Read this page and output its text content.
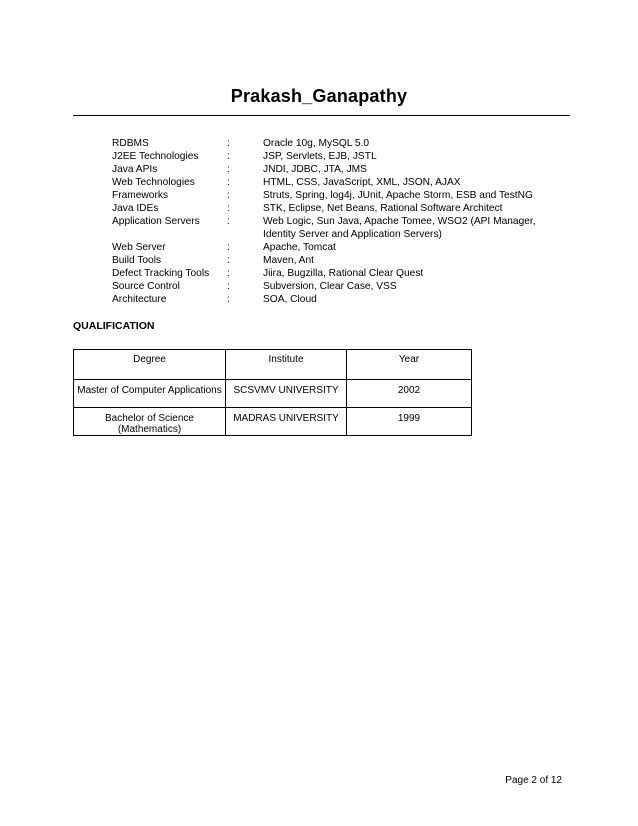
Prakash_Ganapathy
RDBMS	:	Oracle 10g, MySQL 5.0
J2EE Technologies	:	JSP, Servlets, EJB, JSTL
Java APIs	:	JNDI, JDBC, JTA, JMS
Web Technologies	:	HTML, CSS, JavaScript, XML, JSON, AJAX
Frameworks	:	Struts, Spring, log4j, JUnit, Apache Storm, ESB and TestNG
Java IDEs	:	STK, Eclipse, Net Beans, Rational Software Architect
Application Servers	:	Web Logic, Sun Java, Apache Tomee, WSO2 (API Manager, Identity Server and Application Servers)
Web Server	:	Apache, Tomcat
Build Tools	:	Maven, Ant
Defect Tracking Tools	:	Jiira, Bugzilla, Rational Clear Quest
Source Control	:	Subversion, Clear Case, VSS
Architecture	:	SOA, Cloud
QUALIFICATION
Degree	Institute	Year
Master of Computer Applications	SCSVMV UNIVERSITY	2002
Bachelor of Science (Mathematics)	MADRAS UNIVERSITY	1999
Page 2 of 12
